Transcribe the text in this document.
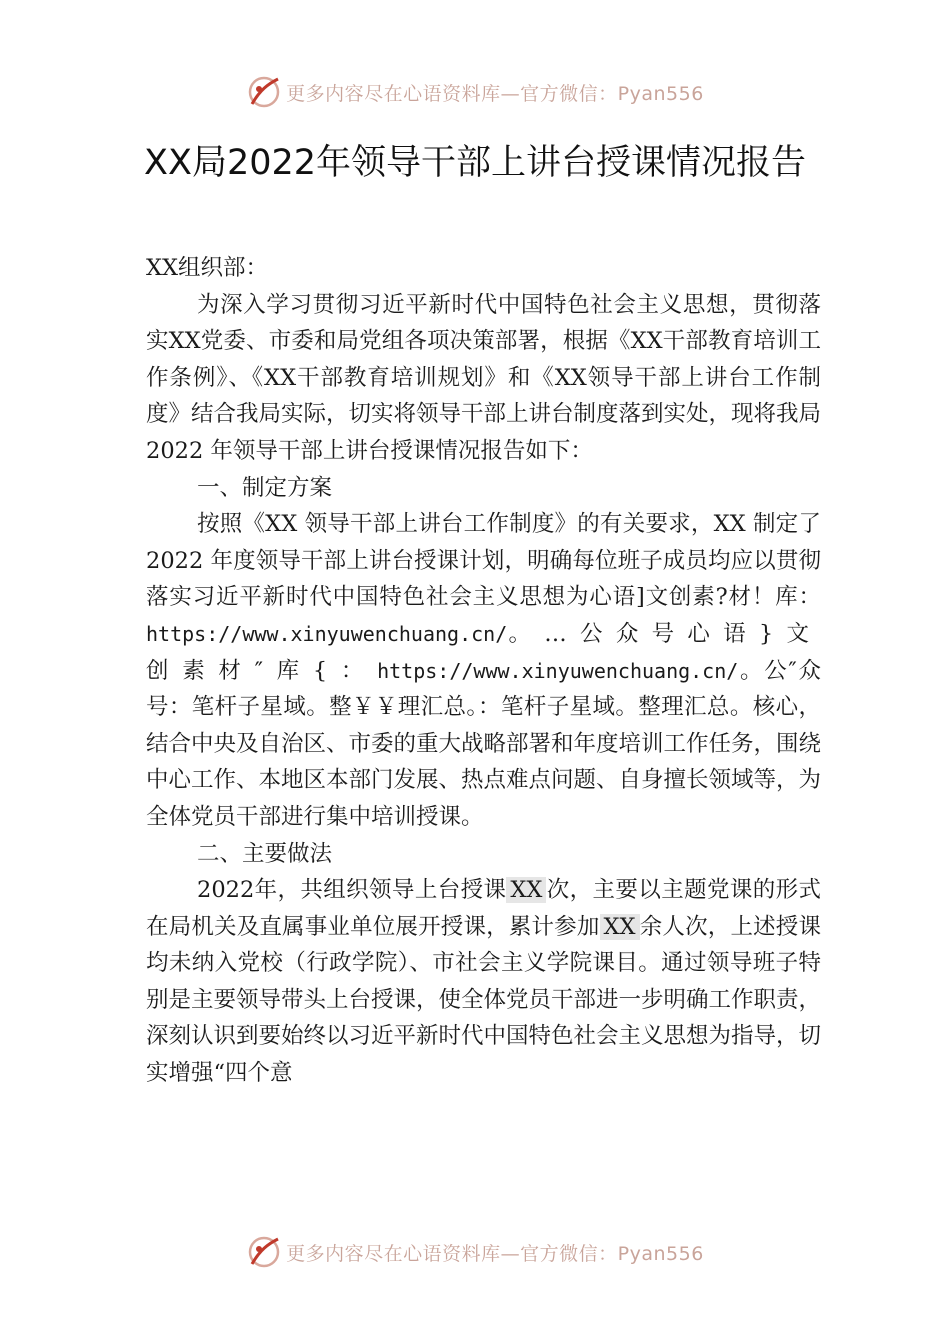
更多内容尽在心语资料库—官方微信：Pyan556
XX局2022年领导干部上讲台授课情况报告

XX组织部：

为深入学习贯彻习近平新时代中国特色社会主义思想，贯彻落实XX党委、市委和局党组各项决策部署，根据《XX干部教育培训工作条例》、《XX干部教育培训规划》和《XX领导干部上讲台工作制度》结合我局实际，切实将领导干部上讲台制度落到实处，现将我局 2022 年领导干部上讲台授课情况报告如下：

一、制定方案

按照《XX 领导干部上讲台工作制度》的有关要求，XX 制定了 2022 年度领导干部上讲台授课计划，明确每位班子成员均应以贯彻落实习近平新时代中国特色社会主义思想为心语]文创素?材！库：https://www.xinyuwenchuang.cn/。…公众号心语}文创素材″库{：https://www.xinyuwenchuang.cn/。公″众号：笔杆子星域。整￥￥理汇总。：笔杆子星域。整理汇总。核心，结合中央及自治区、市委的重大战略部署和年度培训工作任务，围绕中心工作、本地区本部门发展、热点难点问题、自身擅长领域等，为全体党员干部进行集中培训授课。

二、主要做法

2022年，共组织领导上台授课 XX 次，主要以主题党课的形式在局机关及直属事业单位展开授课，累计参加 XX 余人次，上述授课均未纳入党校（行政学院）、市社会主义学院课目。通过领导班子特别是主要领导带头上台授课，使全体党员干部进一步明确工作职责，深刻认识到要始终以习近平新时代中国特色社会主义思想为指导，切实增强“四个意

更多内容尽在心语资料库—官方微信：Pyan556
